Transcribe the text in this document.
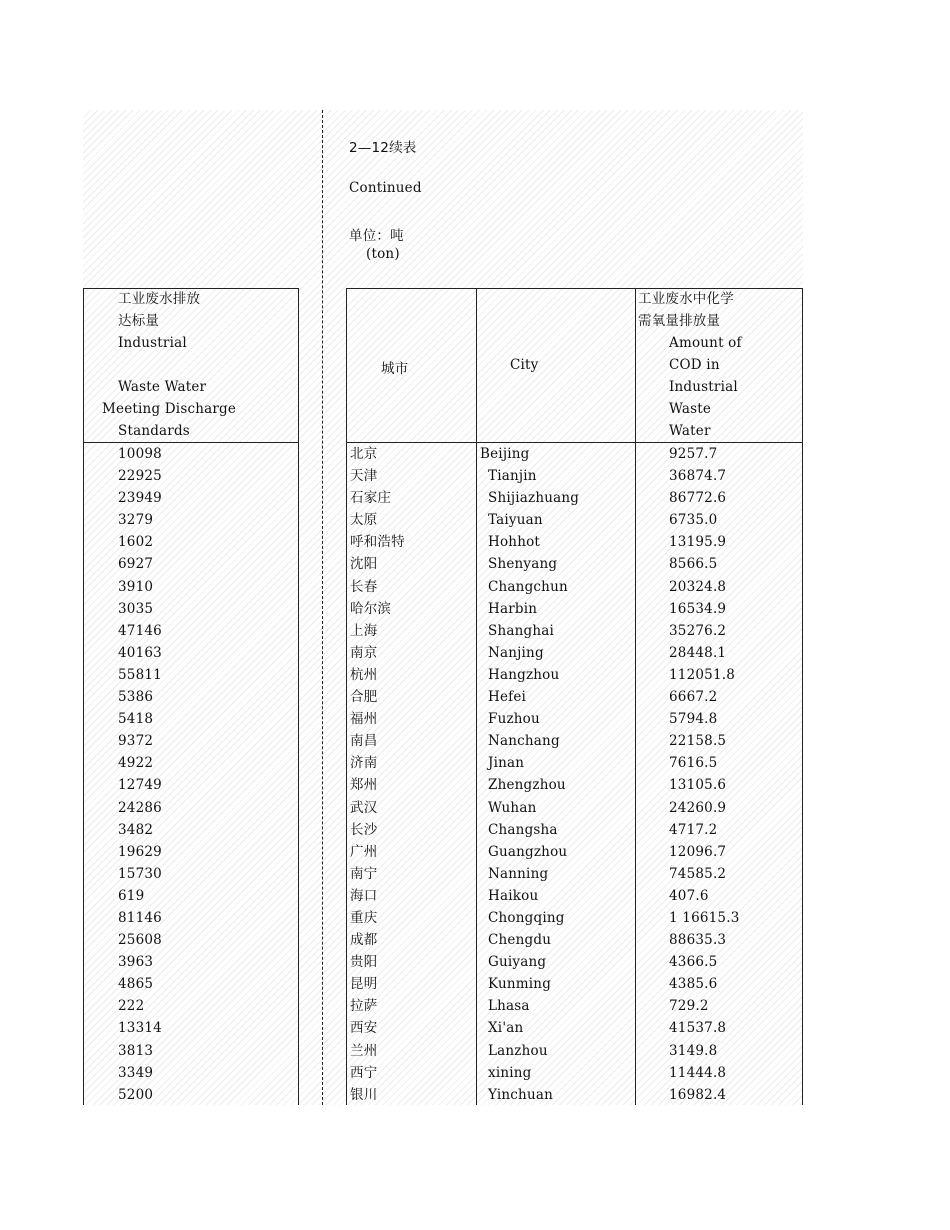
2—12续表
Continued
单位：吨
(ton)
工业废水排放
达标量
Industrial
Waste Water
Meeting Discharge
Standards
10098
22925
23949
3279
1602
6927
3910
3035
47146
40163
55811
5386
5418
9372
4922
12749
24286
3482
19629
15730
619
81146
25608
3963
4865
222
13314
3813
3349
5200
城市	City
工业废水中化学
需氧量排放量
Amount of
COD in
Industrial
Waste
Water
北京
天津
石家庄
太原
呼和浩特
沈阳
长春
哈尔滨
上海
南京
杭州
合肥
福州
南昌
济南
郑州
武汉
长沙
广州
南宁
海口
重庆
成都
贵阳
昆明
拉萨
西安
兰州
西宁
银川
Beijing
Tianjin
Shijiazhuang
Taiyuan
Hohhot
Shenyang
Changchun
Harbin
Shanghai
Nanjing
Hangzhou
Hefei
Fuzhou
Nanchang
Jinan
Zhengzhou
Wuhan
Changsha
Guangzhou
Nanning
Haikou
Chongqing
Chengdu
Guiyang
Kunming
Lhasa
Xi'an
Lanzhou
xining
Yinchuan
9257.7
36874.7
86772.6
6735.0
13195.9
8566.5
20324.8
16534.9
35276.2
28448.1
112051.8
6667.2
5794.8
22158.5
7616.5
13105.6
24260.9
4717.2
12096.7
74585.2
407.6
1 16615.3
88635.3
4366.5
4385.6
729.2
41537.8
3149.8
11444.8
16982.4
